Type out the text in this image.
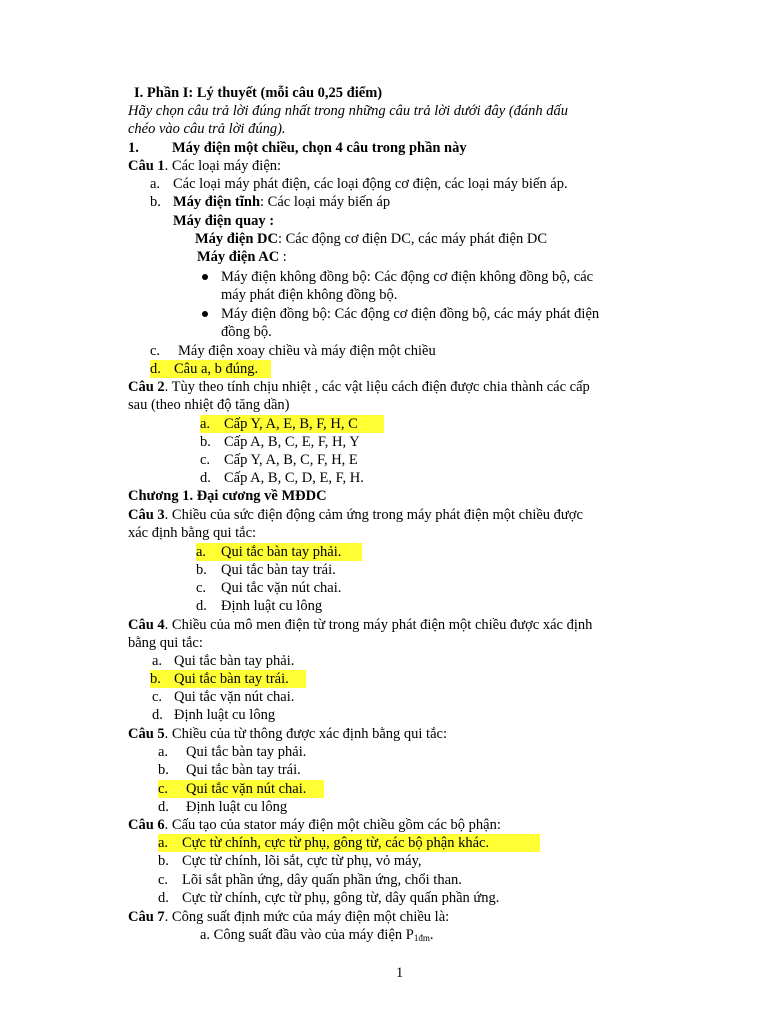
I. Phần I: Lý thuyết (mỗi câu 0,25 điểm)
Hãy chọn câu trả lời đúng nhất trong những câu trả lời dưới đây (đánh dấu
chéo vào câu trả lời đúng).
1. Máy điện một chiều, chọn 4 câu trong phần này
Câu 1. Các loại máy điện:
a. Các loại máy phát điện, các loại động cơ điện, các loại máy biến áp.
b. Máy điện tĩnh: Các loại máy biến áp
Máy điện quay :
Máy điện DC: Các động cơ điện DC, các máy phát điện DC
Máy điện AC :
Máy điện không đồng bộ: Các động cơ điện không đồng bộ, các
máy phát điện không đồng bộ.
Máy điện đồng bộ: Các động cơ điện đồng bộ, các máy phát điện
đồng bộ.
c. Máy điện xoay chiều và máy điện một chiều
d. Câu a, b đúng.
Câu 2. Tùy theo tính chịu nhiệt , các vật liệu cách điện được chia thành các cấp
sau (theo nhiệt độ tăng dần)
a. Cấp Y, A, E, B, F, H, C
b. Cấp A, B, C, E, F, H, Y
c. Cấp Y, A, B, C, F, H, E
d. Cấp A, B, C, D, E, F, H.
Chương 1. Đại cương về MĐDC
Câu 3. Chiều của sức điện động cảm ứng trong máy phát điện một chiều được
xác định bằng qui tắc:
a. Qui tắc bàn tay phải.
b. Qui tắc bàn tay trái.
c. Qui tắc vặn nút chai.
d. Định luật cu lông
Câu 4. Chiều của mô men điện từ trong máy phát điện một chiều được xác định
bằng qui tắc:
a. Qui tắc bàn tay phải.
b. Qui tắc bàn tay trái.
c. Qui tắc vặn nút chai.
d. Định luật cu lông
Câu 5. Chiều của từ thông được xác định bằng qui tắc:
a. Qui tắc bàn tay phải.
b. Qui tắc bàn tay trái.
c. Qui tắc vặn nút chai.
d. Định luật cu lông
Câu 6. Cấu tạo của stator máy điện một chiều gồm các bộ phận:
a. Cực từ chính, cực từ phụ, gông từ, các bộ phận khác.
b. Cực từ chính, lõi sắt, cực từ phụ, vỏ máy,
c. Lõi sắt phần ứng, dây quấn phần ứng, chổi than.
d. Cực từ chính, cực từ phụ, gông từ, dây quấn phần ứng.
Câu 7. Công suất định mức của máy điện một chiều là:
a. Công suất đầu vào của máy điện $P_{1đm}$.
1
